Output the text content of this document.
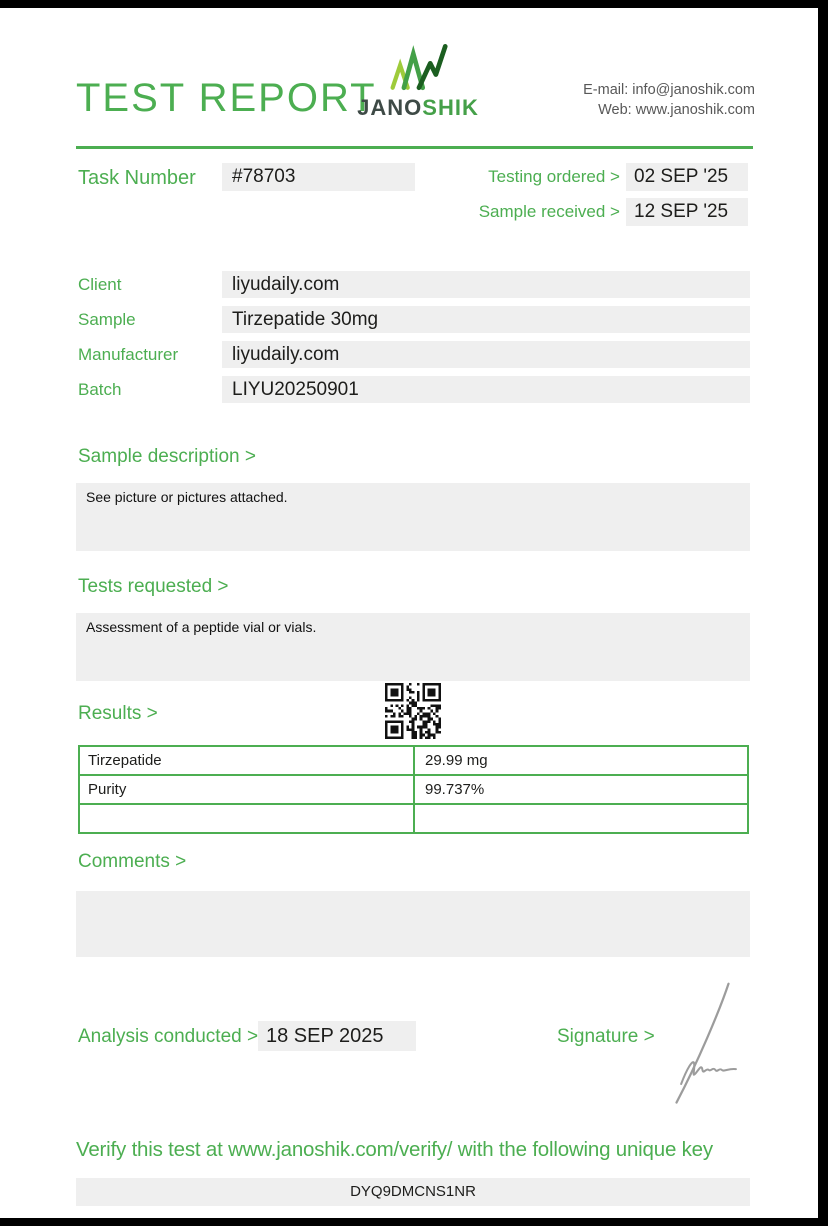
TEST REPORT
JANOSHIK
E-mail: info@janoshik.com
Web: www.janoshik.com
Task Number	#78703	Testing ordered > 02 SEP '25
Sample received > 12 SEP '25
Client	liyudaily.com
Sample	Tirzepatide 30mg
Manufacturer	liyudaily.com
Batch	LIYU20250901
Sample description >
See picture or pictures attached.
Tests requested >
Assessment of a peptide vial or vials.
Results >
Tirzepatide	29.99 mg
Purity	99.737%
Comments >
Analysis conducted > 18 SEP 2025	Signature >
Verify this test at www.janoshik.com/verify/ with the following unique key
DYQ9DMCNS1NR
